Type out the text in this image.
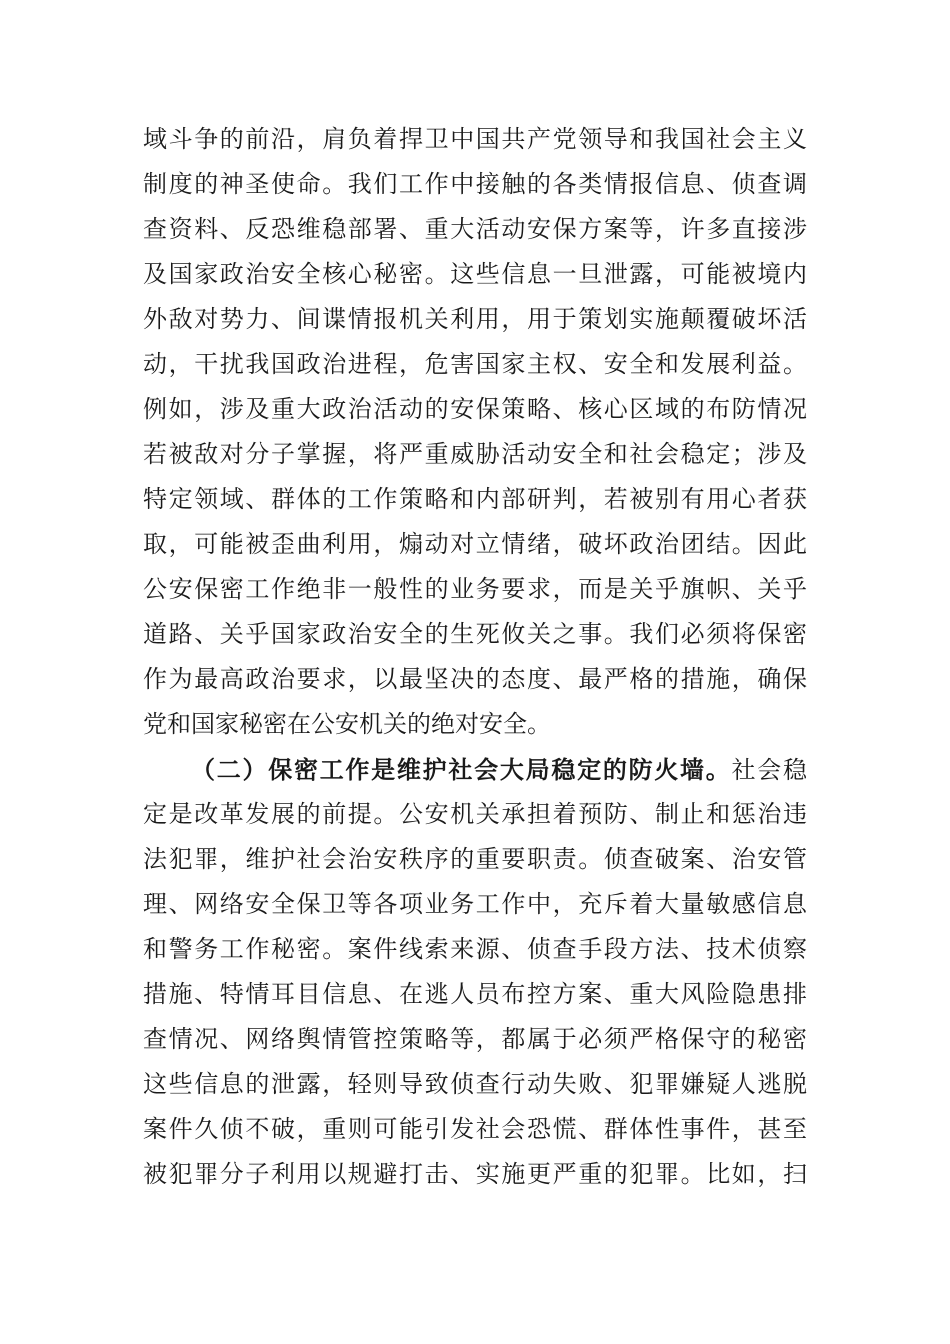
域斗争的前沿，肩负着捍卫中国共产党领导和我国社会主义
制度的神圣使命。我们工作中接触的各类情报信息、侦查调
查资料、反恐维稳部署、重大活动安保方案等，许多直接涉
及国家政治安全核心秘密。这些信息一旦泄露，可能被境内
外敌对势力、间谍情报机关利用，用于策划实施颠覆破坏活
动，干扰我国政治进程，危害国家主权、安全和发展利益。
例如，涉及重大政治活动的安保策略、核心区域的布防情况
若被敌对分子掌握，将严重威胁活动安全和社会稳定；涉及
特定领域、群体的工作策略和内部研判，若被别有用心者获
取，可能被歪曲利用，煽动对立情绪，破坏政治团结。因此
公安保密工作绝非一般性的业务要求，而是关乎旗帜、关乎
道路、关乎国家政治安全的生死攸关之事。我们必须将保密
作为最高政治要求，以最坚决的态度、最严格的措施，确保
党和国家秘密在公安机关的绝对安全。
（二）保密工作是维护社会大局稳定的防火墙。社会稳
定是改革发展的前提。公安机关承担着预防、制止和惩治违
法犯罪，维护社会治安秩序的重要职责。侦查破案、治安管
理、网络安全保卫等各项业务工作中，充斥着大量敏感信息
和警务工作秘密。案件线索来源、侦查手段方法、技术侦察
措施、特情耳目信息、在逃人员布控方案、重大风险隐患排
查情况、网络舆情管控策略等，都属于必须严格保守的秘密
这些信息的泄露，轻则导致侦查行动失败、犯罪嫌疑人逃脱
案件久侦不破，重则可能引发社会恐慌、群体性事件，甚至
被犯罪分子利用以规避打击、实施更严重的犯罪。比如，扫
